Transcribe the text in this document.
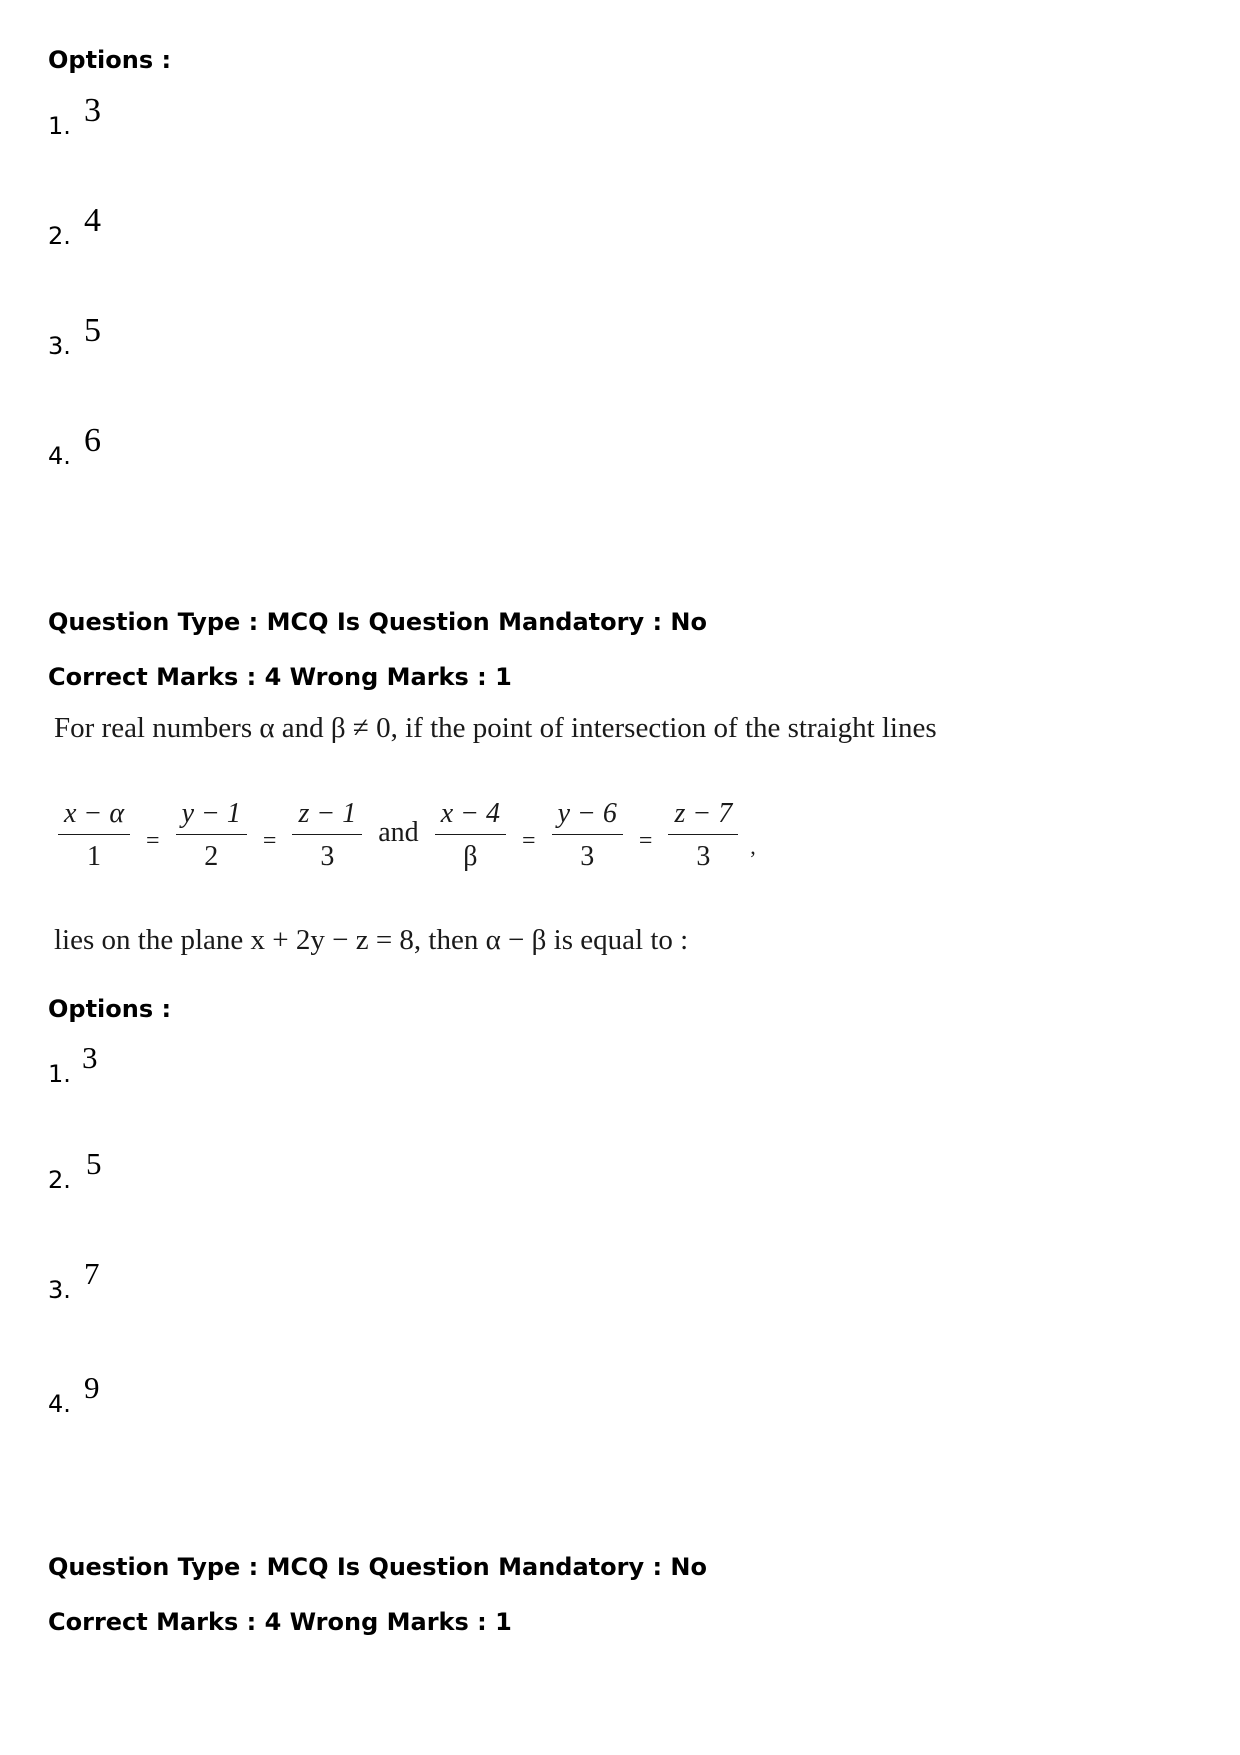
Options :
1. 3
2. 4
3. 5
4. 6
Question Type : MCQ Is Question Mandatory : No
Correct Marks : 4 Wrong Marks : 1
For real numbers α and β ≠ 0, if the point of intersection of the straight lines
$\frac{x - \alpha}{1} = \frac{y - 1}{2} = \frac{z - 1}{3}$ and $\frac{x - 4}{\beta} = \frac{y - 6}{3} = \frac{z - 7}{3}$ ,
lies on the plane x + 2y − z = 8, then α − β is equal to :
Options :
1. 3
2. 5
3. 7
4. 9
Question Type : MCQ Is Question Mandatory : No
Correct Marks : 4 Wrong Marks : 1
